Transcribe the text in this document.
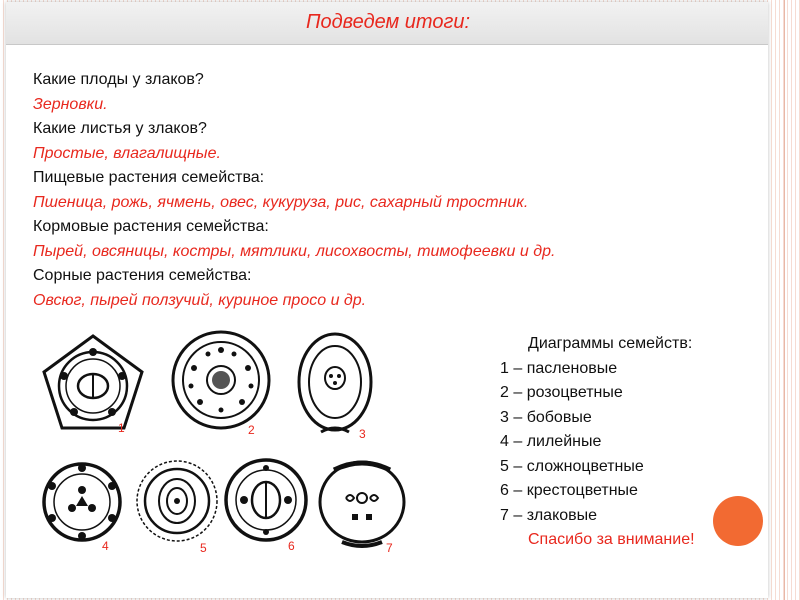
Подведем итоги:
Какие плоды у злаков?
Зерновки.
Какие листья у злаков?
Простые, влагалищные.
Пищевые растения семейства:
Пшеница, рожь, ячмень, овес, кукуруза, рис, сахарный тростник.
Кормовые растения семейства:
Пырей, овсяницы, костры, мятлики, лисохвосты, тимофеевки и др.
Сорные растения семейства:
Овсюг, пырей ползучий, куриное просо и др.
1	2	3
4	5	6	7
Диаграммы семейств:
1 – пасленовые
2 – розоцветные
3 – бобовые
4 – лилейные
5 – сложноцветные
6 – крестоцветные
7 – злаковые
Спасибо за внимание!
